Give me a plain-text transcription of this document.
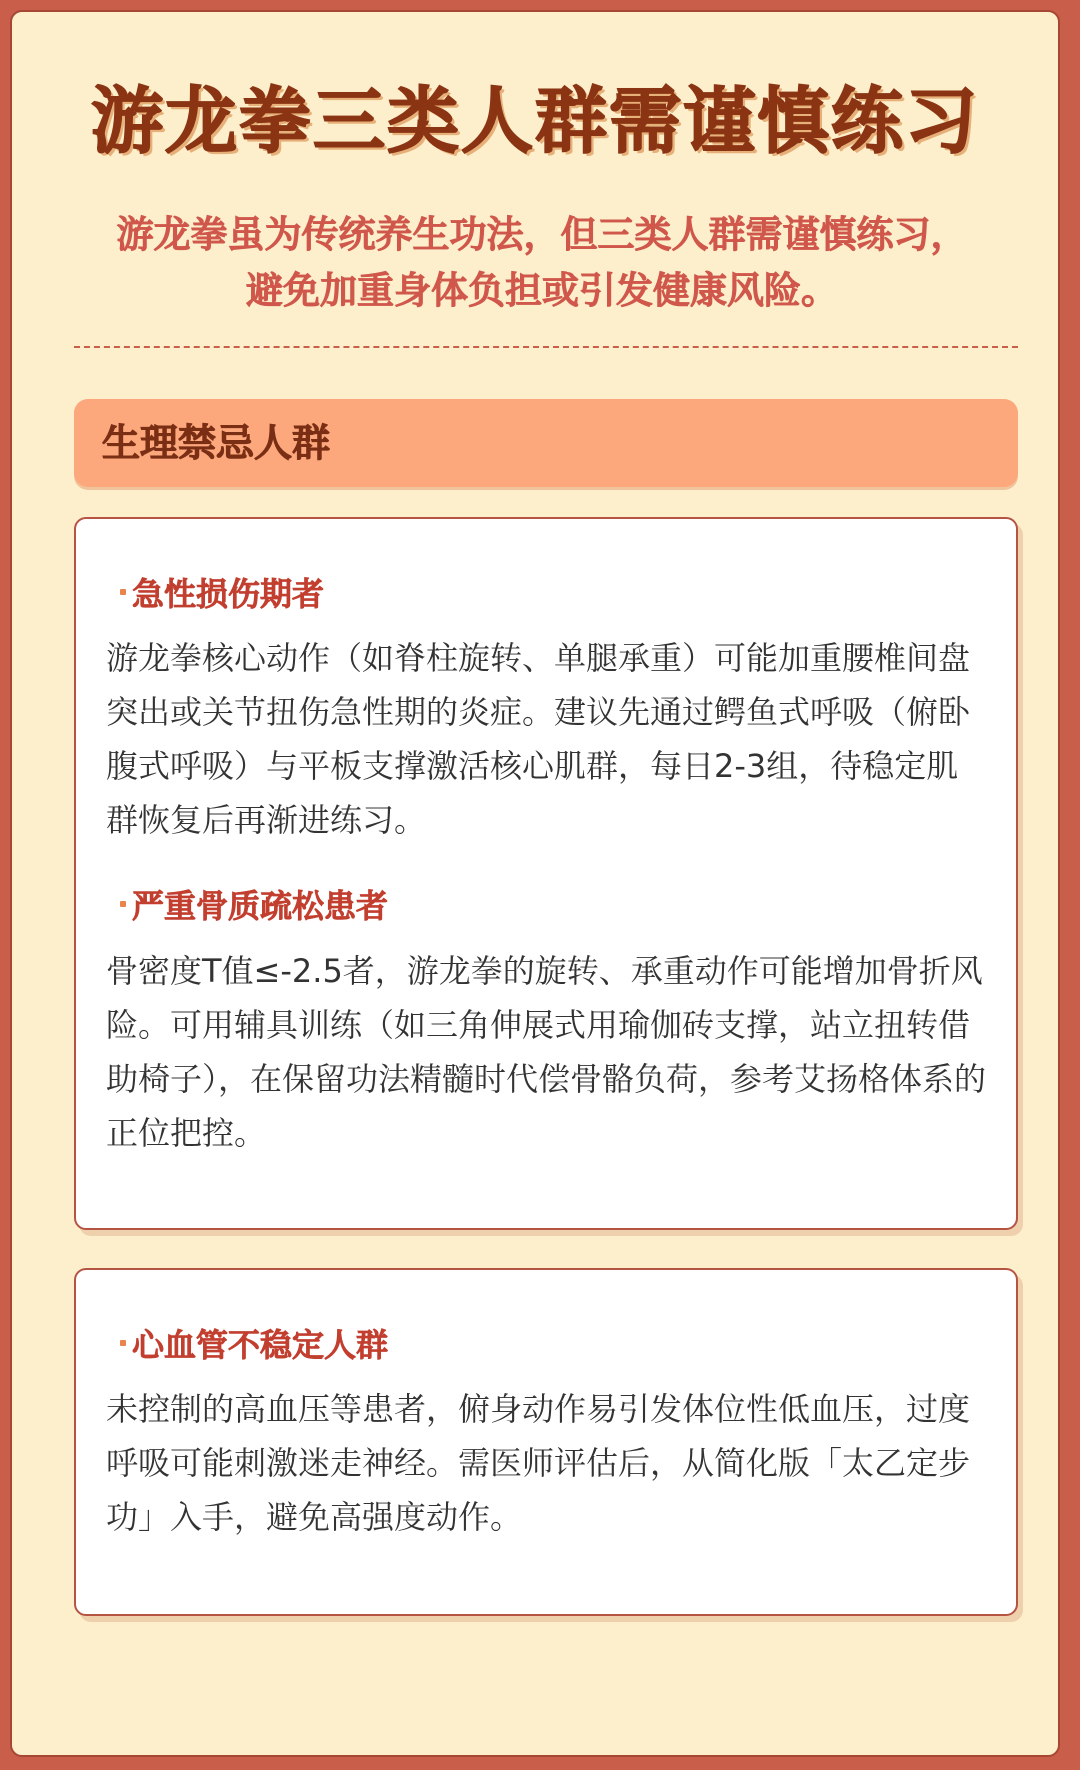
游龙拳三类人群需谨慎练习
游龙拳虽为传统养生功法，但三类人群需谨慎练习，避免加重身体负担或引发健康风险。
生理禁忌人群
急性损伤期者
游龙拳核心动作（如脊柱旋转、单腿承重）可能加重腰椎间盘突出或关节扭伤急性期的炎症。建议先通过鳄鱼式呼吸（俯卧腹式呼吸）与平板支撑激活核心肌群，每日2-3组，待稳定肌群恢复后再渐进练习。
严重骨质疏松患者
骨密度T值≤-2.5者，游龙拳的旋转、承重动作可能增加骨折风险。可用辅具训练（如三角伸展式用瑜伽砖支撑，站立扭转借助椅子），在保留功法精髓时代偿骨骼负荷，参考艾扬格体系的正位把控。
心血管不稳定人群
未控制的高血压等患者，俯身动作易引发体位性低血压，过度呼吸可能刺激迷走神经。需医师评估后，从简化版「太乙定步功」入手，避免高强度动作。
